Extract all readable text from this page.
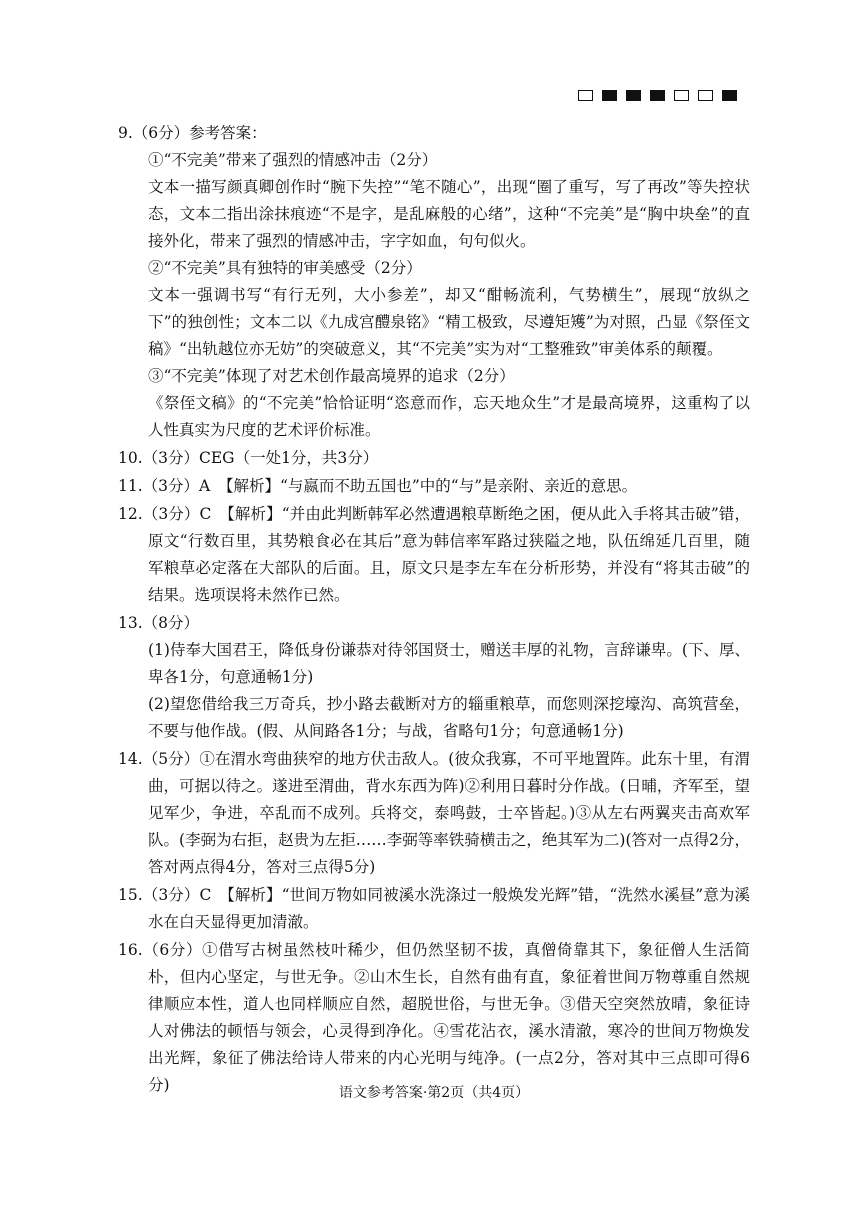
9.（6分）参考答案：

①“不完美”带来了强烈的情感冲击（2分）

文本一描写颜真卿创作时“腕下失控”“笔不随心”，出现“圈了重写，写了再改”等失控状态，文本二指出涂抹痕迹“不是字，是乱麻般的心绪”，这种“不完美”是“胸中块垒”的直接外化，带来了强烈的情感冲击，字字如血，句句似火。

②“不完美”具有独特的审美感受（2分）

文本一强调书写“有行无列，大小参差”，却又“酣畅流利，气势横生”，展现“放纵之下”的独创性；文本二以《九成宫醴泉铭》“精工极致，尽遵矩矱”为对照，凸显《祭侄文稿》“出轨越位亦无妨”的突破意义，其“不完美”实为对“工整雅致”审美体系的颠覆。

③“不完美”体现了对艺术创作最高境界的追求（2分）

《祭侄文稿》的“不完美”恰恰证明“恣意而作，忘天地众生”才是最高境界，这重构了以人性真实为尺度的艺术评价标准。

10.（3分）CEG（一处1分，共3分）

11.（3分）A　【解析】“与嬴而不助五国也”中的“与”是亲附、亲近的意思。

12.（3分）C　【解析】“并由此判断韩军必然遭遇粮草断绝之困，便从此入手将其击破”错，原文“行数百里，其势粮食必在其后”意为韩信率军路过狭隘之地，队伍绵延几百里，随军粮草必定落在大部队的后面。且，原文只是李左车在分析形势，并没有“将其击破”的结果。选项误将未然作已然。

13.（8分）

(1)侍奉大国君王，降低身份谦恭对待邻国贤士，赠送丰厚的礼物，言辞谦卑。(下、厚、卑各1分，句意通畅1分)

(2)望您借给我三万奇兵，抄小路去截断对方的辎重粮草，而您则深挖壕沟、高筑营垒，不要与他作战。(假、从间路各1分；与战，省略句1分；句意通畅1分)

14.（5分）①在渭水弯曲狭窄的地方伏击敌人。(彼众我寡，不可平地置阵。此东十里，有渭曲，可据以待之。遂进至渭曲，背水东西为阵)②利用日暮时分作战。(日晡，齐军至，望见军少，争进，卒乱而不成列。兵将交，泰鸣鼓，士卒皆起。)③从左右两翼夹击高欢军队。(李弼为右拒，赵贵为左拒……李弼等率铁骑横击之，绝其军为二)(答对一点得2分，答对两点得4分，答对三点得5分)

15.（3分）C　【解析】“世间万物如同被溪水洗涤过一般焕发光辉”错，“洗然水溪昼”意为溪水在白天显得更加清澈。

16.（6分）①借写古树虽然枝叶稀少，但仍然坚韧不拔，真僧倚靠其下，象征僧人生活简朴，但内心坚定，与世无争。②山木生长，自然有曲有直，象征着世间万物尊重自然规律顺应本性，道人也同样顺应自然，超脱世俗，与世无争。③借天空突然放晴，象征诗人对佛法的顿悟与领会，心灵得到净化。④雪花沾衣，溪水清澈，寒冷的世间万物焕发出光辉，象征了佛法给诗人带来的内心光明与纯净。(一点2分，答对其中三点即可得6分)	语文参考答案·第2页（共4页）
